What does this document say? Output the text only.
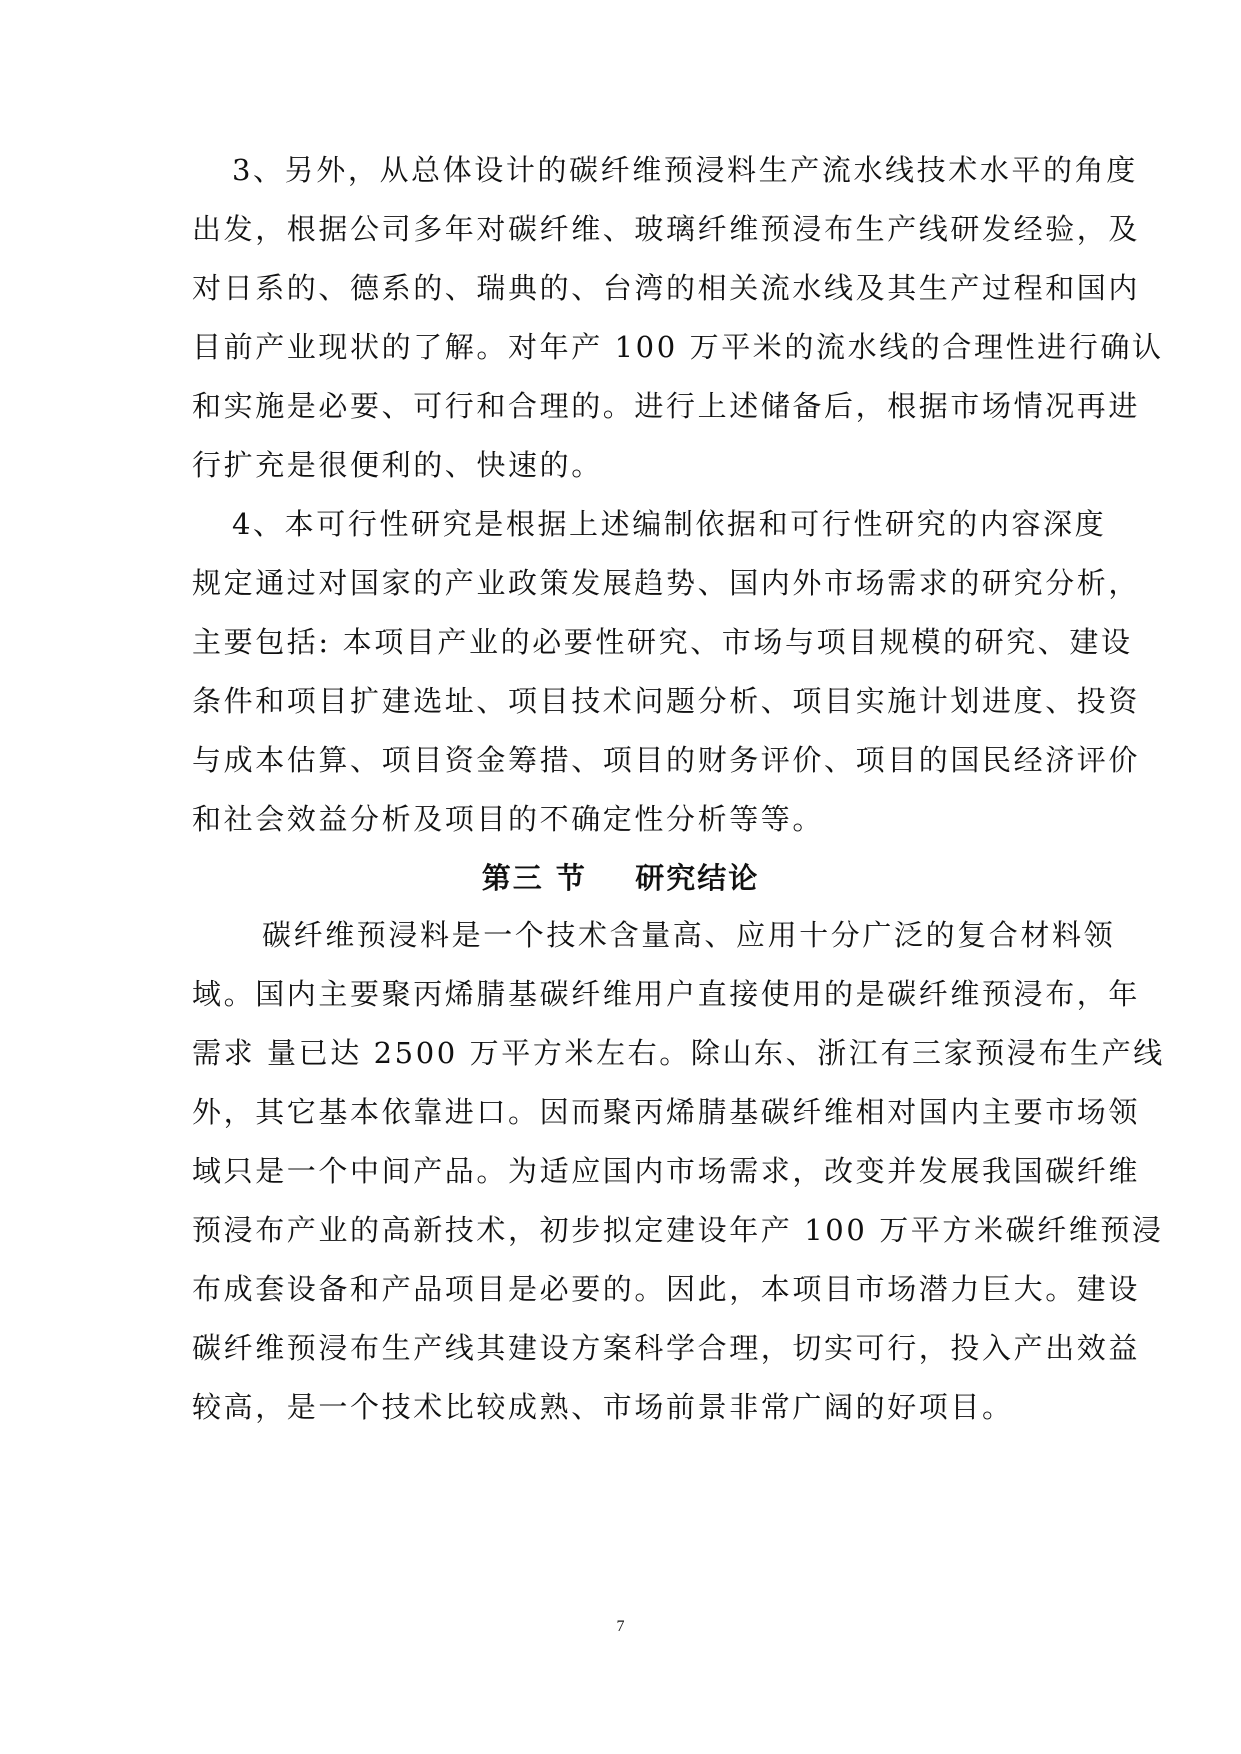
3、另外，从总体设计的碳纤维预浸料生产流水线技术水平的角度
出发，根据公司多年对碳纤维、玻璃纤维预浸布生产线研发经验，及
对日系的、德系的、瑞典的、台湾的相关流水线及其生产过程和国内
目前产业现状的了解。对年产 100 万平米的流水线的合理性进行确认
和实施是必要、可行和合理的。进行上述储备后，根据市场情况再进
行扩充是很便利的、快速的。
4、本可行性研究是根据上述编制依据和可行性研究的内容深度
规定通过对国家的产业政策发展趋势、国内外市场需求的研究分析，
主要包括: 本项目产业的必要性研究、市场与项目规模的研究、建设
条件和项目扩建选址、项目技术问题分析、项目实施计划进度、投资
与成本估算、项目资金筹措、项目的财务评价、项目的国民经济评价
和社会效益分析及项目的不确定性分析等等。
第三 节    研究结论
碳纤维预浸料是一个技术含量高、应用十分广泛的复合材料领
域。国内主要聚丙烯腈基碳纤维用户直接使用的是碳纤维预浸布，年
需求 量已达 2500 万平方米左右。除山东、浙江有三家预浸布生产线
外，其它基本依靠进口。因而聚丙烯腈基碳纤维相对国内主要市场领
域只是一个中间产品。为适应国内市场需求，改变并发展我国碳纤维
预浸布产业的高新技术，初步拟定建设年产 100 万平方米碳纤维预浸
布成套设备和产品项目是必要的。因此，本项目市场潜力巨大。建设
碳纤维预浸布生产线其建设方案科学合理，切实可行，投入产出效益
较高，是一个技术比较成熟、市场前景非常广阔的好项目。
7
